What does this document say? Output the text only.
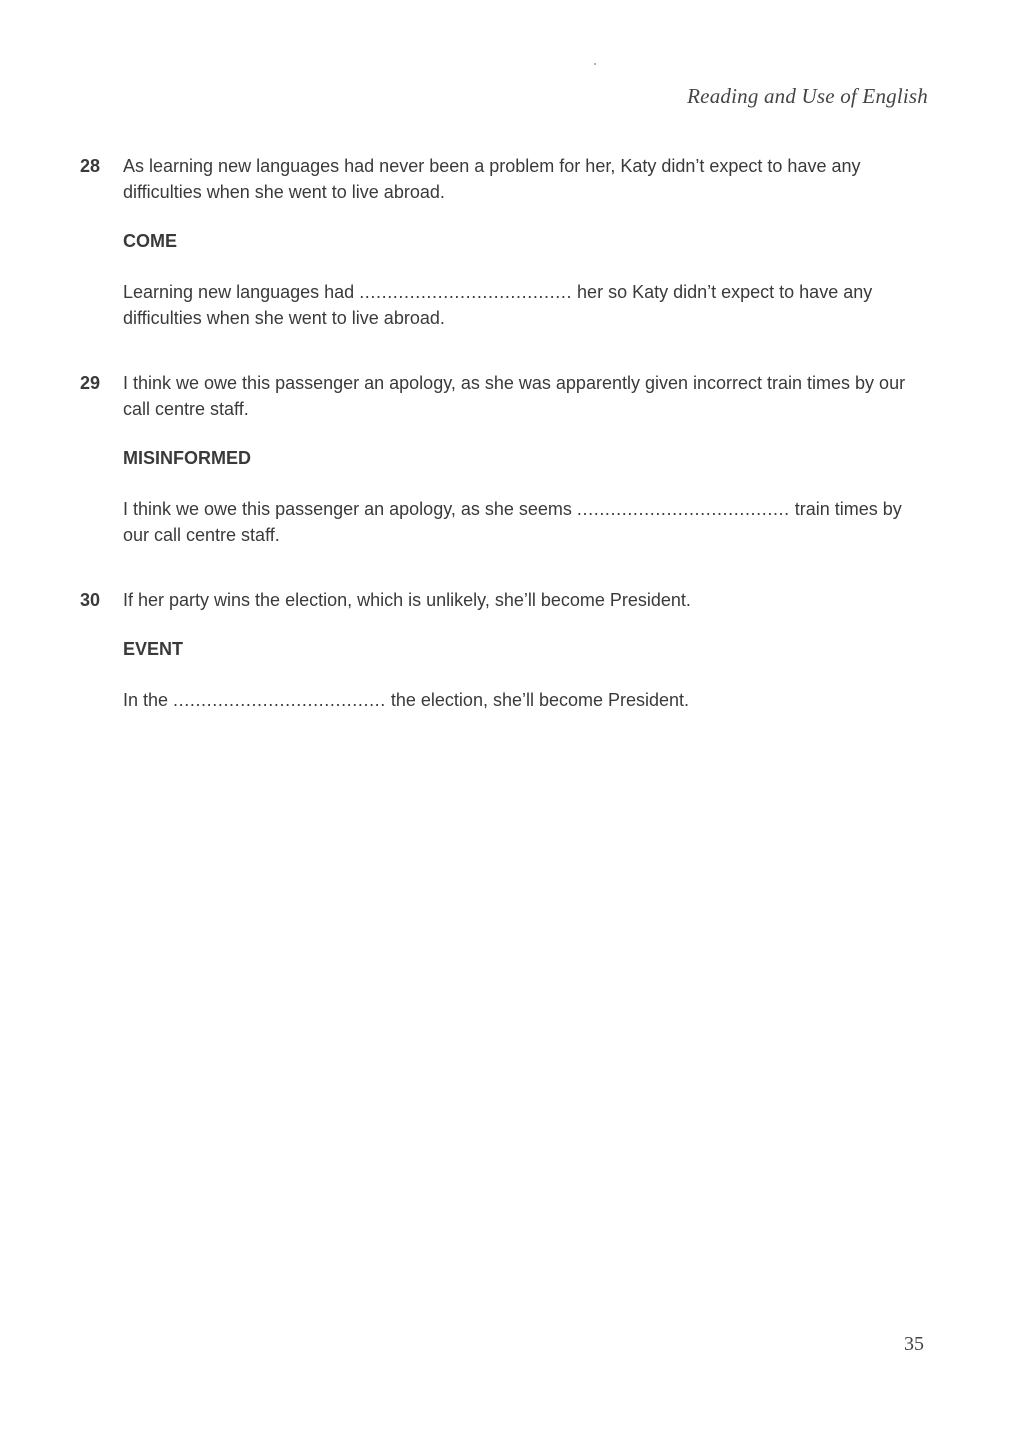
Reading and Use of English
28 As learning new languages had never been a problem for her, Katy didn’t expect to have any difficulties when she went to live abroad.

COME

Learning new languages had ...................................... her so Katy didn’t expect to have any difficulties when she went to live abroad.

29 I think we owe this passenger an apology, as she was apparently given incorrect train times by our call centre staff.

MISINFORMED

I think we owe this passenger an apology, as she seems ...................................... train times by our call centre staff.

30 If her party wins the election, which is unlikely, she’ll become President.

EVENT

In the ...................................... the election, she’ll become President.

35
